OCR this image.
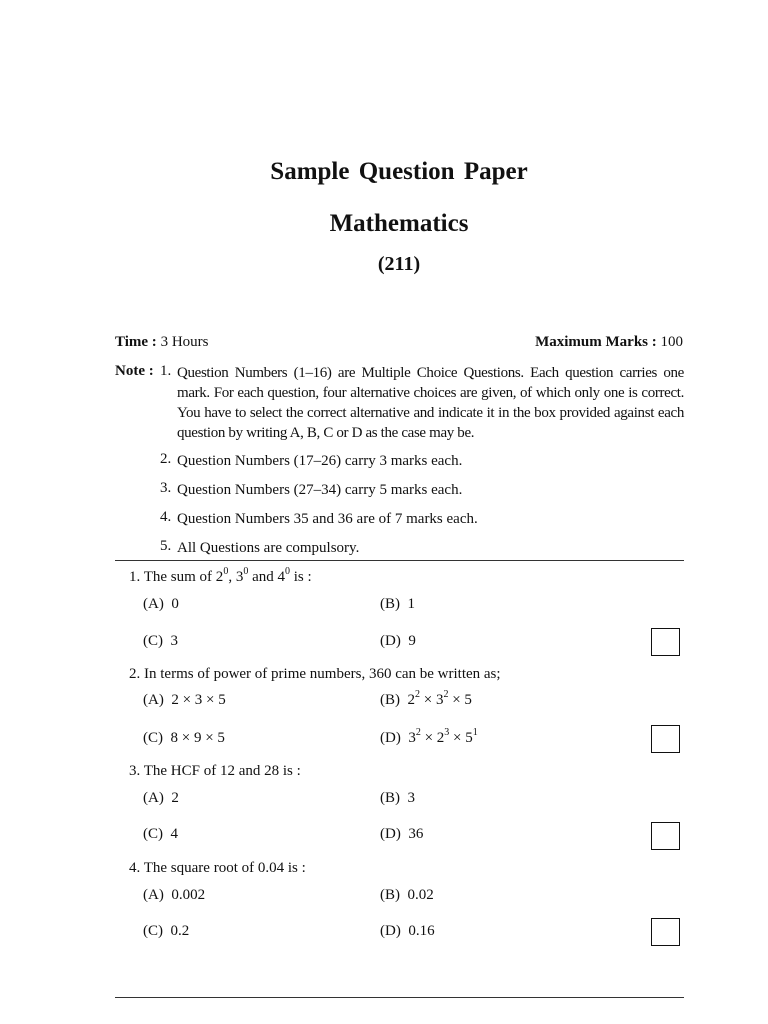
Sample Question Paper
Mathematics
(211)
Time : 3 Hours	Maximum Marks : 100
Note : 1. Question Numbers (1–16) are Multiple Choice Questions. Each question carries one mark. For each question, four alternative choices are given, of which only one is correct. You have to select the correct alternative and indicate it in the box provided against each question by writing A, B, C or D as the case may be.
2. Question Numbers (17–26) carry 3 marks each.
3. Question Numbers (27–34) carry 5 marks each.
4. Question Numbers 35 and 36 are of 7 marks each.
5. All Questions are compulsory.
1. The sum of $2^0$, $3^0$ and $4^0$ is :
(A) 0	(B) 1
(C) 3	(D) 9
2. In terms of power of prime numbers, 360 can be written as;
(A) 2 × 3 × 5	(B) $2^2 \times 3^2 \times 5$
(C) 8 × 9 × 5	(D) $3^2 \times 2^3 \times 5^1$
3. The HCF of 12 and 28 is :
(A) 2	(B) 3
(C) 4	(D) 36
4. The square root of 0.04 is :
(A) 0.002	(B) 0.02
(C) 0.2	(D) 0.16
